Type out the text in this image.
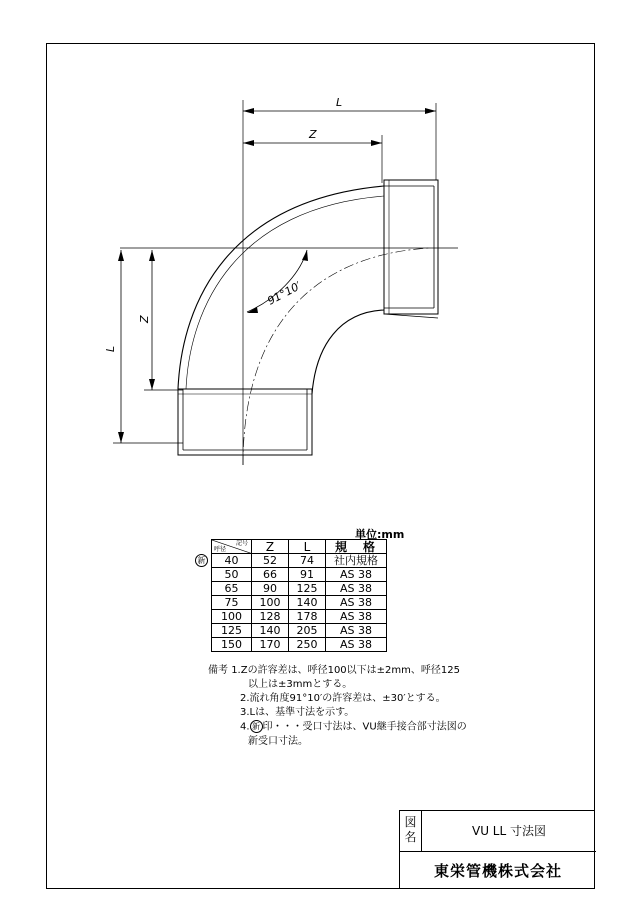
L
Z
L
Z
91°10′
単位:mm
記号
呼径	Z	L	規　格

新 40	52	74	社内規格
50	66	91	AS 38
65	90	125	AS 38
75	100	140	AS 38
100	128	178	AS 38
125	140	205	AS 38
150	170	250	AS 38
備考 1.Zの許容差は、呼径100以下は±2mm、呼径125
以上は±3mmとする。
2.流れ角度91°10′の許容差は、±30′とする。
3.Lは、基準寸法を示す。
4. 新 印・・・受口寸法は、VU継手接合部寸法図の
新受口寸法。
図名	VU LL 寸法図
東栄管機株式会社
